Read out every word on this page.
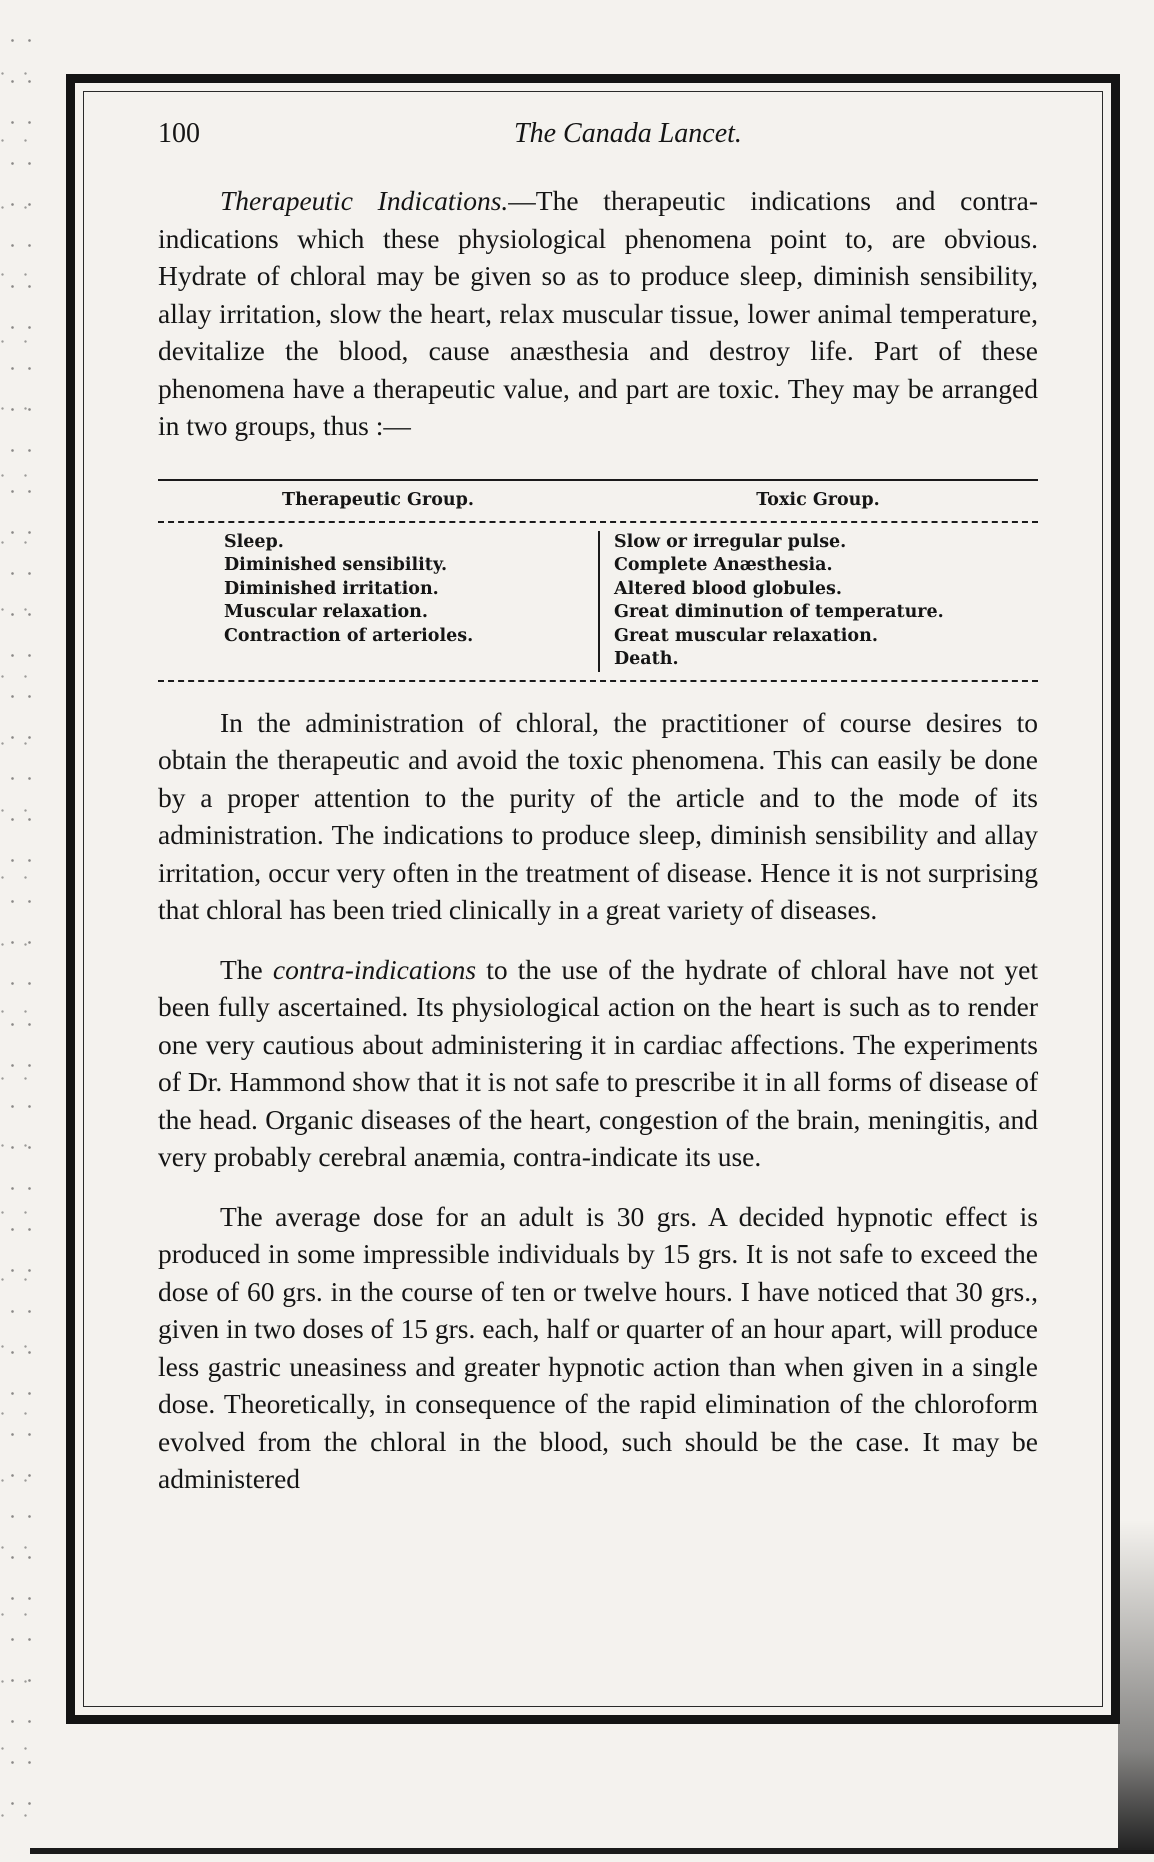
100	The Canada Lancet.

Therapeutic Indications.—The therapeutic indications and contra-indications which these physiological phenomena point to, are obvious. Hydrate of chloral may be given so as to produce sleep, diminish sensibility, allay irritation, slow the heart, relax muscular tissue, lower animal temperature, devitalize the blood, cause anæsthesia and destroy life. Part of these phenomena have a therapeutic value, and part are toxic. They may be arranged in two groups, thus :—

Therapeutic Group.	Toxic Group.
Sleep.
Diminished sensibility.
Diminished irritation.
Muscular relaxation.
Contraction of arterioles.
Slow or irregular pulse.
Complete Anæsthesia.
Altered blood globules.
Great diminution of temperature.
Great muscular relaxation.
Death.

In the administration of chloral, the practitioner of course desires to obtain the therapeutic and avoid the toxic phenomena. This can easily be done by a proper attention to the purity of the article and to the mode of its administration. The indications to produce sleep, diminish sensibility and allay irritation, occur very often in the treatment of disease. Hence it is not surprising that chloral has been tried clinically in a great variety of diseases.

The contra-indications to the use of the hydrate of chloral have not yet been fully ascertained. Its physiological action on the heart is such as to render one very cautious about administering it in cardiac affections. The experiments of Dr. Hammond show that it is not safe to prescribe it in all forms of disease of the head. Organic diseases of the heart, congestion of the brain, meningitis, and very probably cerebral anæmia, contra-indicate its use.

The average dose for an adult is 30 grs. A decided hypnotic effect is produced in some impressible individuals by 15 grs. It is not safe to exceed the dose of 60 grs. in the course of ten or twelve hours. I have noticed that 30 grs., given in two doses of 15 grs. each, half or quarter of an hour apart, will produce less gastric uneasiness and greater hypnotic action than when given in a single dose. Theoretically, in consequence of the rapid elimination of the chloroform evolved from the chloral in the blood, such should be the case. It may be administered
